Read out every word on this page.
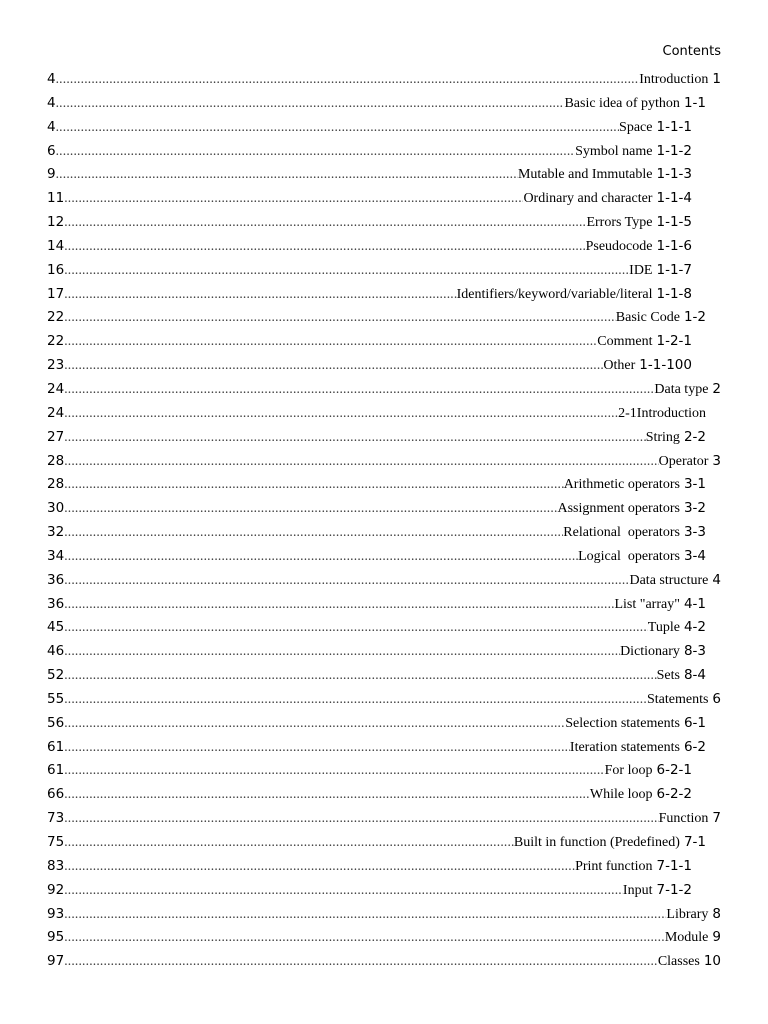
Contents
4 .....	Introduction 1
4 .....	Basic idea of python 1-1
4 .....	Space 1-1-1
6 .....	Symbol name 1-1-2
9 .....	Mutable and Immutable 1-1-3
11 .....	Ordinary and character 1-1-4
12 .....	Errors Type 1-1-5
14 .....	Pseudocode 1-1-6
16 .....	IDE 1-1-7
17 .....	Identifiers/keyword/variable/literal 1-1-8
22 .....	Basic Code 1-2
22 .....	Comment 1-2-1
23 .....	Other 1-1-100
24 .....	Data type 2
24 .....	2-1Introduction
27 .....	String 2-2
28 .....	Operator 3
28 .....	Arithmetic operators 3-1
30 .....	Assignment operators 3-2
32 .....	Relational  operators 3-3
34 .....	Logical  operators 3-4
36 .....	Data structure 4
36 .....	List "array" 4-1
45 .....	Tuple 4-2
46 .....	Dictionary 8-3
52 .....	Sets 8-4
55 .....	Statements 6
56 .....	Selection statements 6-1
61 .....	Iteration statements 6-2
61 .....	For loop 6-2-1
66 .....	While loop 6-2-2
73 .....	Function 7
75 .....	Built in function (Predefined) 7-1
83 .....	Print function 7-1-1
92 .....	Input 7-1-2
93 .....	Library 8
95 .....	Module 9
97 .....	Classes 10
